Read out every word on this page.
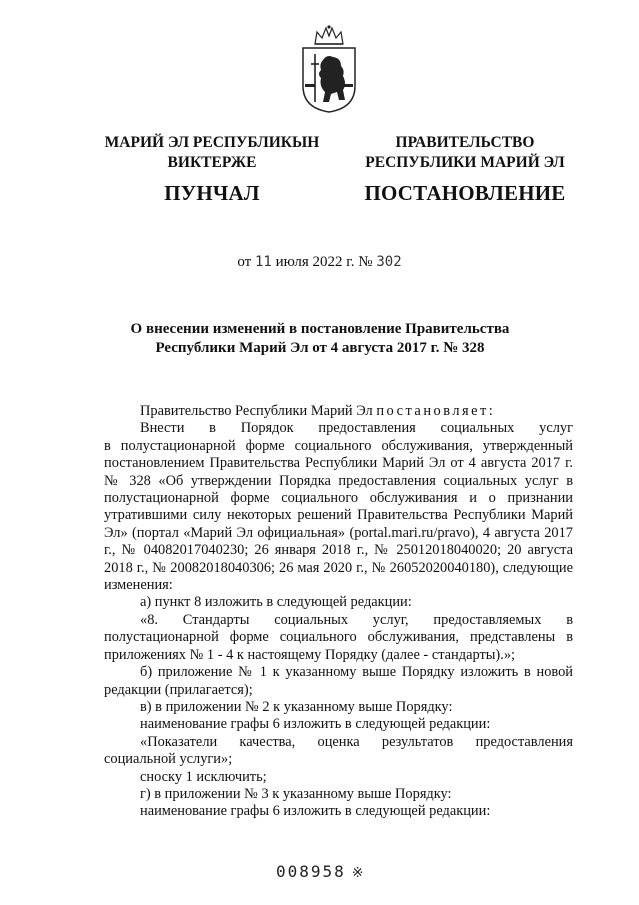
МАРИЙ ЭЛ РЕСПУБЛИКЫН
ВИКТЕРЖЕ
ПУНЧАЛ
ПРАВИТЕЛЬСТВО
РЕСПУБЛИКИ МАРИЙ ЭЛ
ПОСТАНОВЛЕНИЕ
от 11 июля 2022 г. № 302
О внесении изменений в постановление Правительства
Республики Марий Эл от 4 августа 2017 г. № 328

Правительство Республики Марий Эл постановляет:

Внести в Порядок предоставления социальных услуг

в полустационарной форме социального обслуживания, утвержденный постановлением Правительства Республики Марий Эл от 4 августа 2017 г. № 328 «Об утверждении Порядка предоставления социальных услуг в полустационарной форме социального обслуживания и о признании утратившими силу некоторых решений Правительства Республики Марий Эл» (портал «Марий Эл официальная» (portal.mari.ru/pravo), 4 августа 2017 г., № 04082017040230; 26 января 2018 г., № 25012018040020; 20 августа 2018 г., № 20082018040306; 26 мая 2020 г., № 26052020040180), следующие изменения:

а) пункт 8 изложить в следующей редакции:

«8. Стандарты социальных услуг, предоставляемых в полустационарной форме социального обслуживания, представлены в приложениях № 1 - 4 к настоящему Порядку (далее - стандарты).»;

б) приложение № 1 к указанному выше Порядку изложить в новой редакции (прилагается);

в) в приложении № 2 к указанному выше Порядку:

наименование графы 6 изложить в следующей редакции:

«Показатели качества, оценка результатов предоставления социальной услуги»;

сноску 1 исключить;

г) в приложении № 3 к указанному выше Порядку:

наименование графы 6 изложить в следующей редакции:

008958 ※
